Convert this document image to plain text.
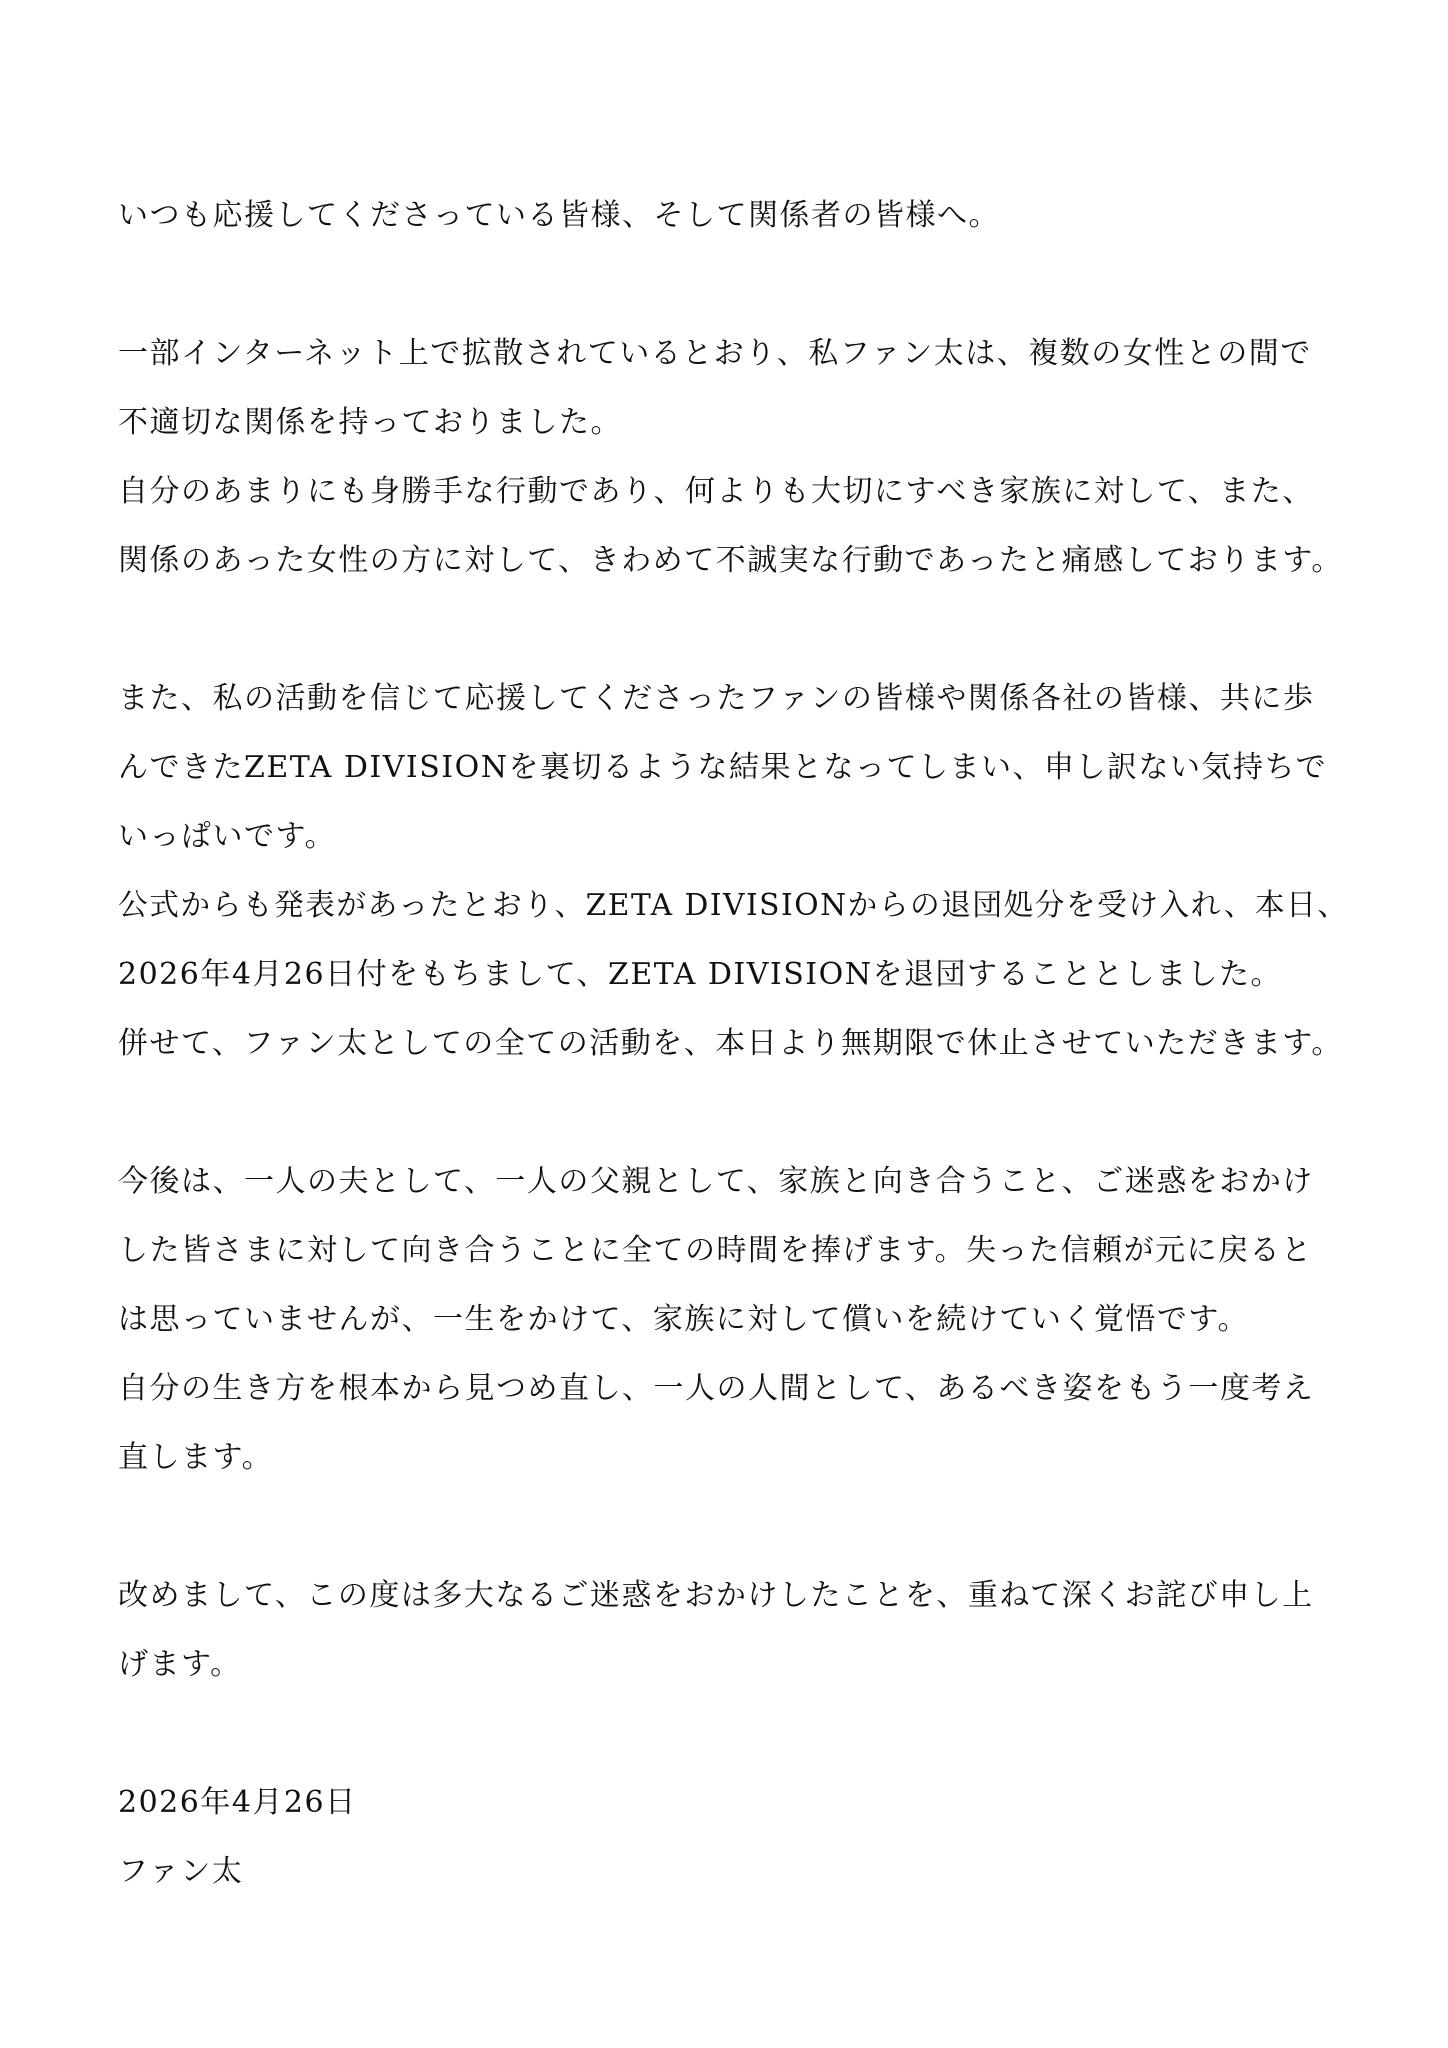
いつも応援してくださっている皆様、そして関係者の皆様へ。
一部インターネット上で拡散されているとおり、私ファン太は、複数の女性との間で
不適切な関係を持っておりました。
自分のあまりにも身勝手な行動であり、何よりも大切にすべき家族に対して、また、
関係のあった女性の方に対して、きわめて不誠実な行動であったと痛感しております。
また、私の活動を信じて応援してくださったファンの皆様や関係各社の皆様、共に歩
んできたZETA DIVISIONを裏切るような結果となってしまい、申し訳ない気持ちで
いっぱいです。
公式からも発表があったとおり、ZETA DIVISIONからの退団処分を受け入れ、本日、
2026年4月26日付をもちまして、ZETA DIVISIONを退団することとしました。
併せて、ファン太としての全ての活動を、本日より無期限で休止させていただきます。
今後は、一人の夫として、一人の父親として、家族と向き合うこと、ご迷惑をおかけ
した皆さまに対して向き合うことに全ての時間を捧げます。失った信頼が元に戻ると
は思っていませんが、一生をかけて、家族に対して償いを続けていく覚悟です。
自分の生き方を根本から見つめ直し、一人の人間として、あるべき姿をもう一度考え
直します。
改めまして、この度は多大なるご迷惑をおかけしたことを、重ねて深くお詫び申し上
げます。
2026年4月26日
ファン太
